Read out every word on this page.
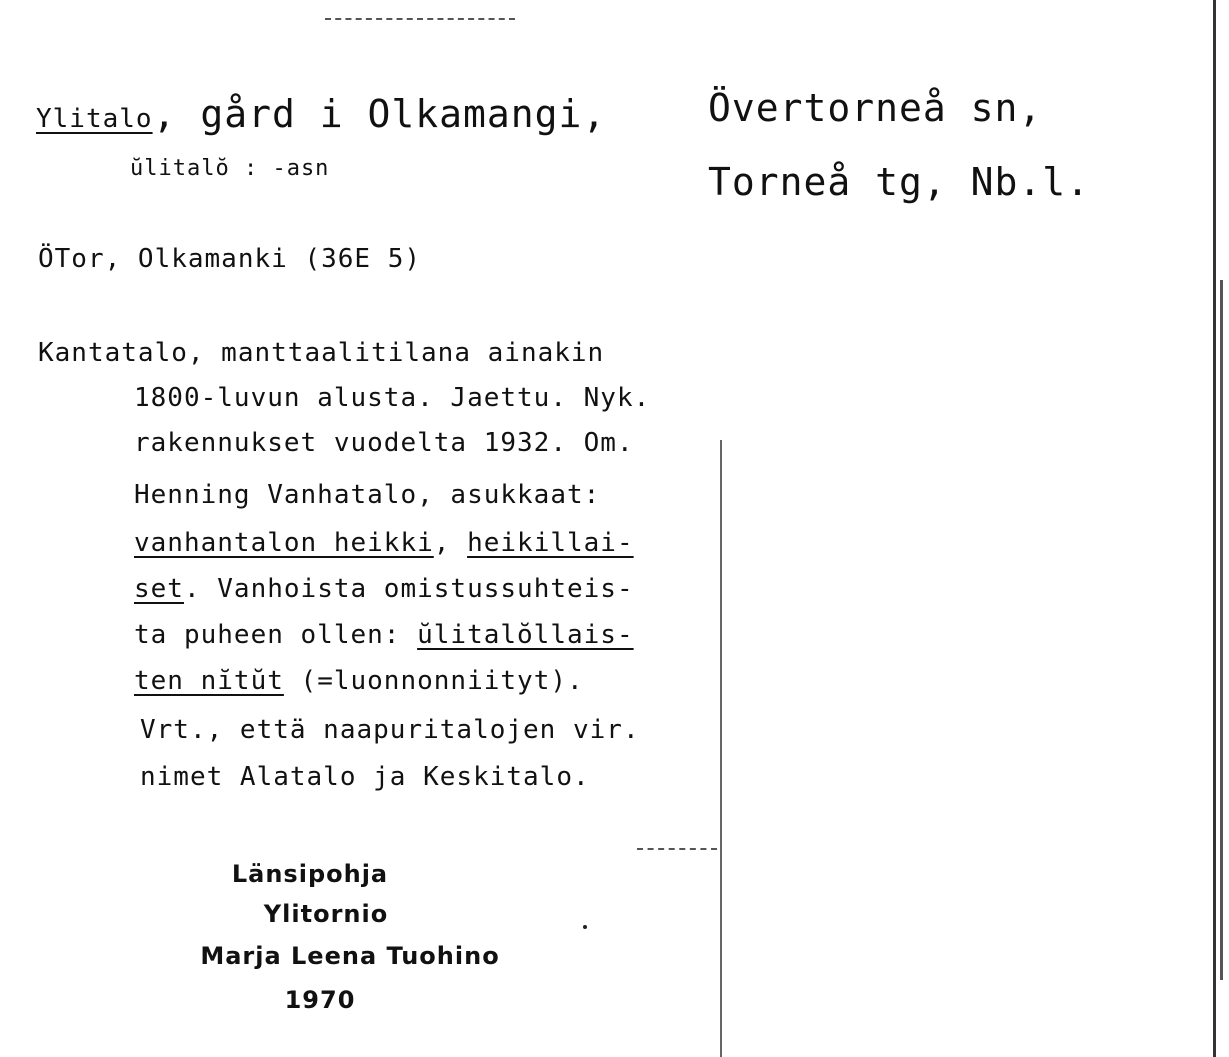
Ylitalo, gård i Olkamangi,	Övertorneå sn,
Torneå tg, Nb.l.
ŭlitalŏ : -asn
ÖTor, Olkamanki (36E 5)
Kantatalo, manttaalitilana ainakin
1800-luvun alusta. Jaettu. Nyk.
rakennukset vuodelta 1932. Om.
Henning Vanhatalo, asukkaat:
vanhantalon heikki, heikillai-
set. Vanhoista omistussuhteis-
ta puheen ollen: ŭlitalŏllais-
ten nĭtŭt (=luonnonniityt).
Vrt., että naapuritalojen vir.
nimet Alatalo ja Keskitalo.
Länsipohja
Ylitornio
Marja Leena Tuohino
1970
